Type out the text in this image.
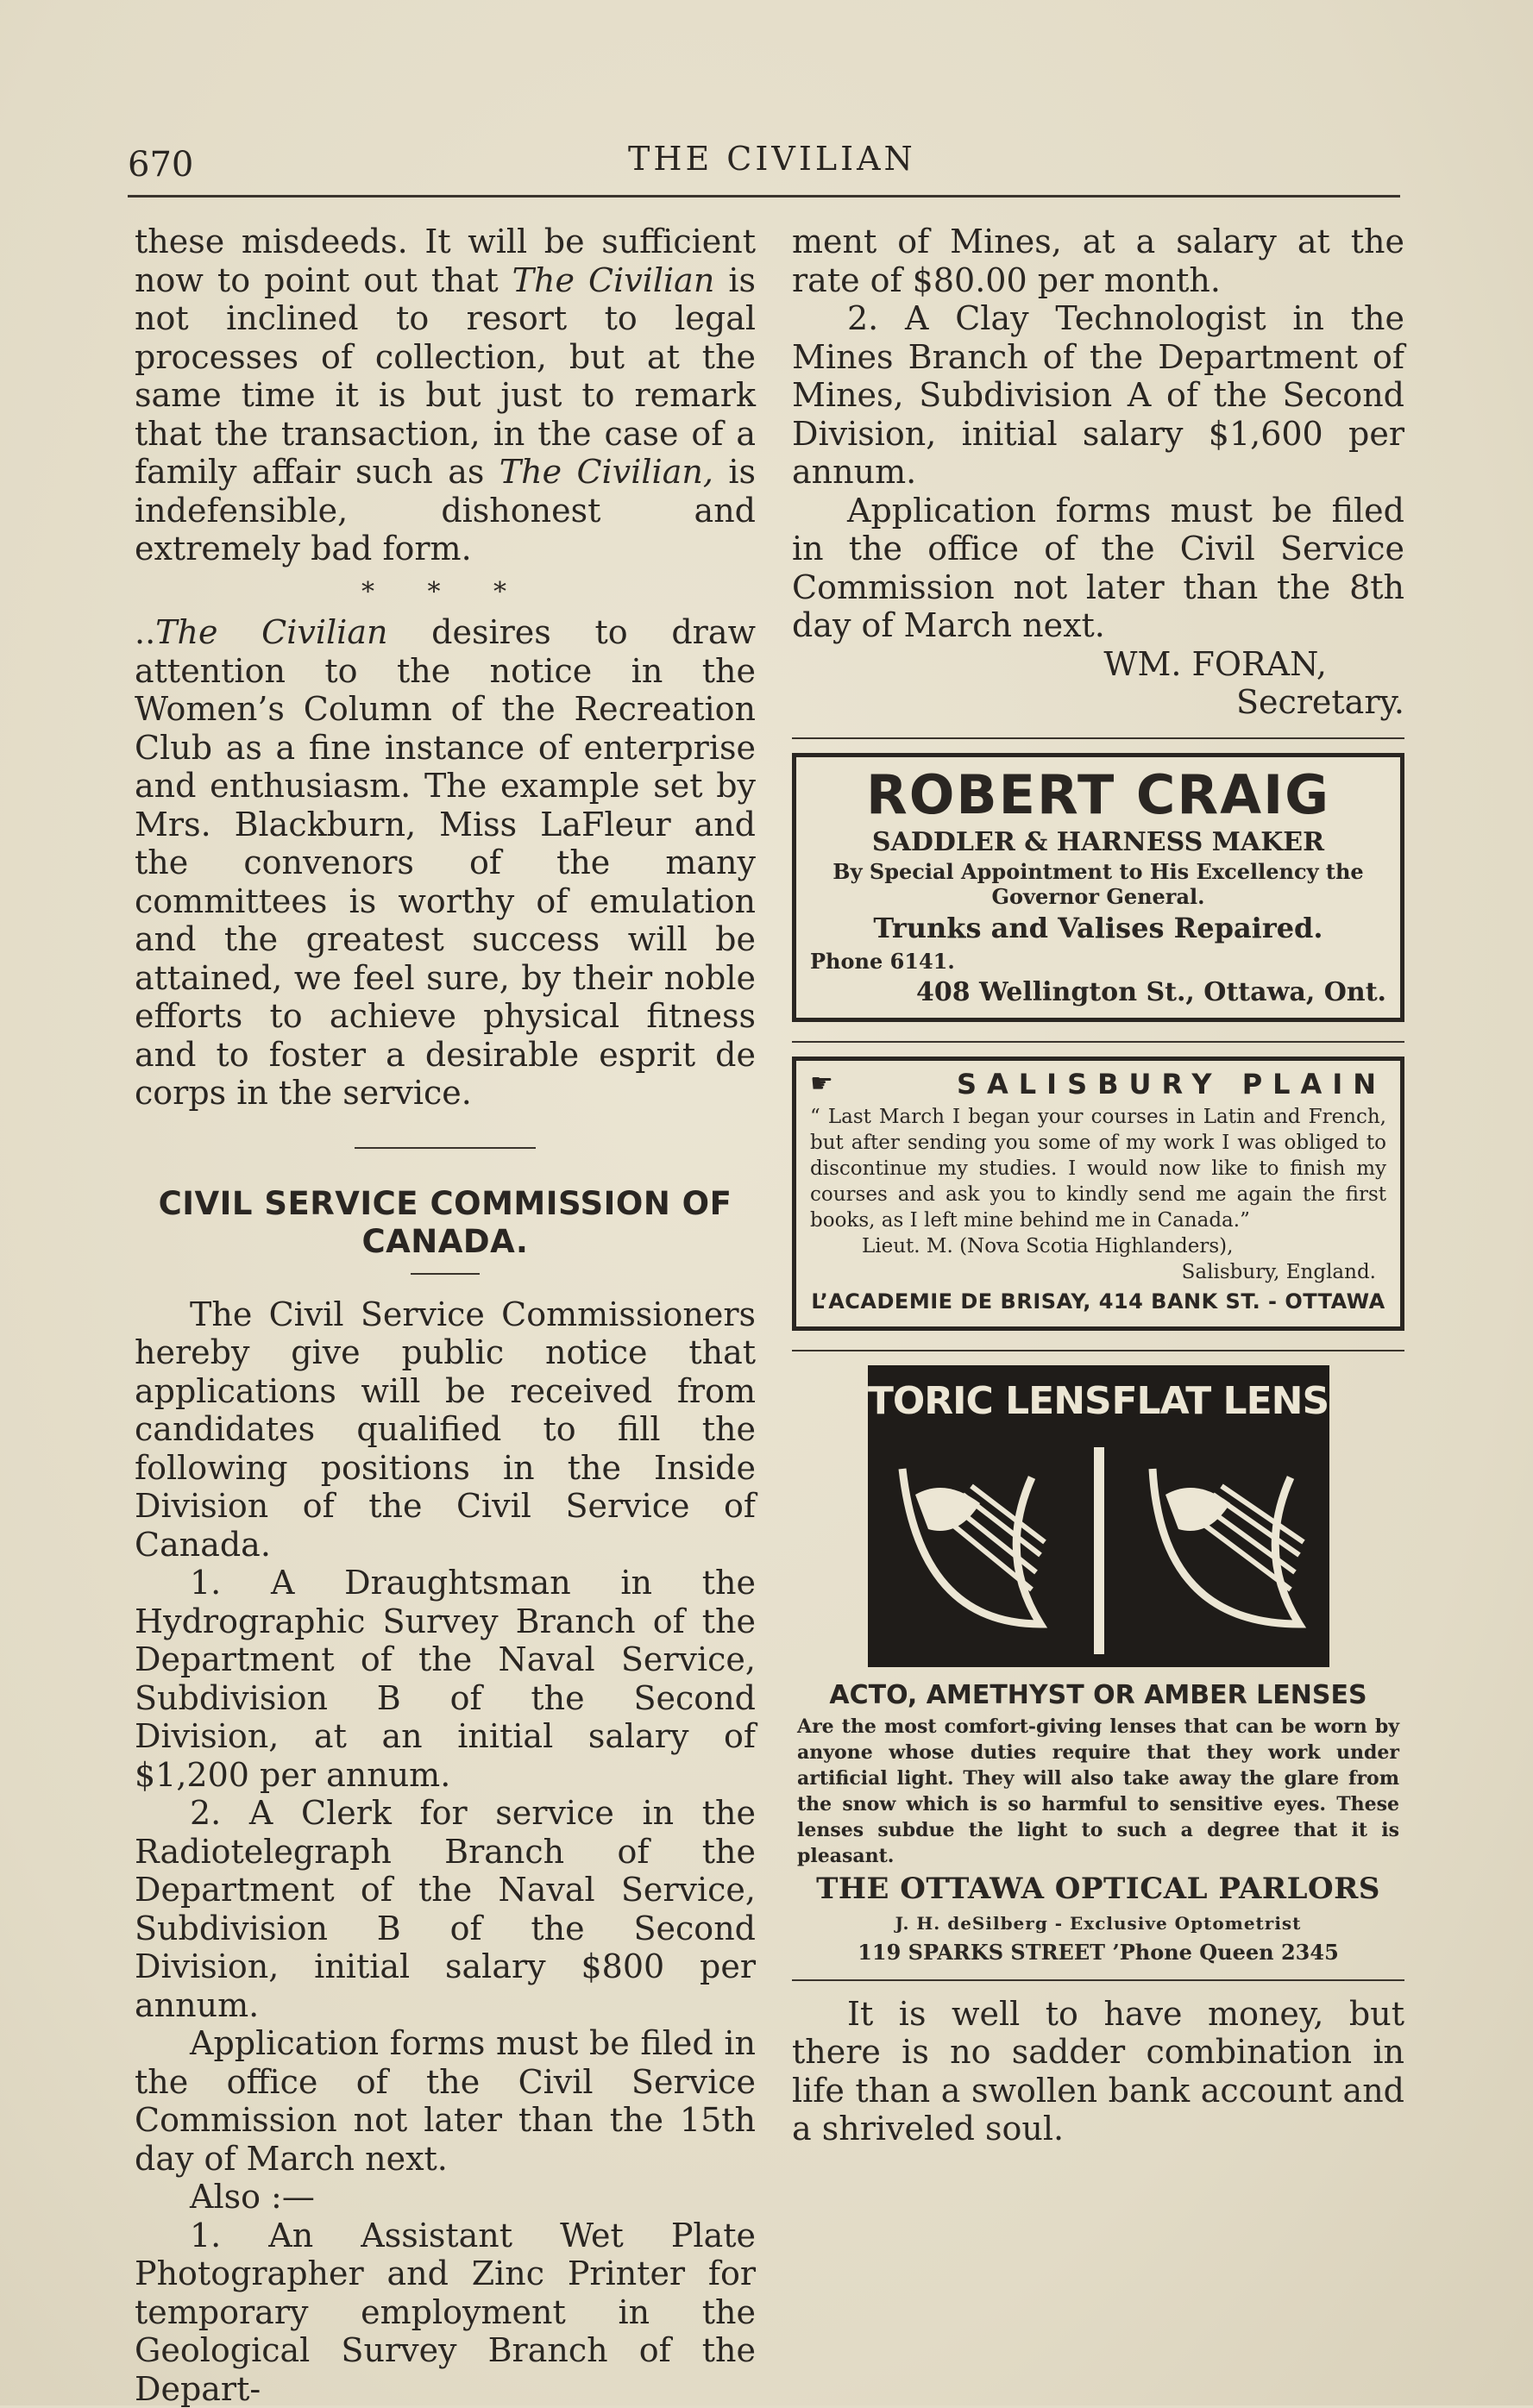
670	THE CIVILIAN

these misdeeds. It will be sufficient now to point out that The Civilian is not inclined to resort to legal processes of collection, but at the same time it is but just to remark that the transaction, in the case of a family affair such as The Civilian, is indefensible, dishonest and extremely bad form.

* * *

..The Civilian desires to draw attention to the notice in the Women’s Column of the Recreation Club as a fine instance of enterprise and enthusiasm. The example set by Mrs. Blackburn, Miss LaFleur and the convenors of the many committees is worthy of emulation and the greatest success will be attained, we feel sure, by their noble efforts to achieve physical fitness and to foster a desirable esprit de corps in the service.

CIVIL SERVICE COMMISSION OF CANADA.

The Civil Service Commissioners hereby give public notice that applications will be received from candidates qualified to fill the following positions in the Inside Division of the Civil Service of Canada.

1. A Draughtsman in the Hydrographic Survey Branch of the Department of the Naval Service, Subdivision B of the Second Division, at an initial salary of $1,200 per annum.

2. A Clerk for service in the Radiotelegraph Branch of the Department of the Naval Service, Subdivision B of the Second Division, initial salary $800 per annum.

Application forms must be filed in the office of the Civil Service Commission not later than the 15th day of March next.

Also :—

1. An Assistant Wet Plate Photographer and Zinc Printer for temporary employment in the Geological Survey Branch of the Depart-

ment of Mines, at a salary at the rate of $80.00 per month.

2. A Clay Technologist in the Mines Branch of the Department of Mines, Subdivision A of the Second Division, initial salary $1,600 per annum.

Application forms must be filed in the office of the Civil Service Commission not later than the 8th day of March next.

WM. FORAN,

Secretary.

ROBERT CRAIG
SADDLER & HARNESS MAKER
By Special Appointment to His Excellency the Governor General.
Trunks and Valises Repaired.
Phone 6141.
408 Wellington St., Ottawa, Ont.
☛	SALISBURY PLAIN
“ Last March I began your courses in Latin and French, but after sending you some of my work I was obliged to discontinue my studies. I would now like to finish my courses and ask you to kindly send me again the first books, as I left mine behind me in Canada.”
Lieut. M. (Nova Scotia Highlanders),
Salisbury, England.
L’ACADEMIE DE BRISAY, 414 BANK ST. - OTTAWA
TORIC LENS FLAT LENS
ACTO, AMETHYST OR AMBER LENSES
Are the most comfort-giving lenses that can be worn by anyone whose duties require that they work under artificial light. They will also take away the glare from the snow which is so harmful to sensitive eyes. These lenses subdue the light to such a degree that it is pleasant.
THE OTTAWA OPTICAL PARLORS
J. H. deSilberg - Exclusive Optometrist
119 SPARKS STREET ’Phone Queen 2345

It is well to have money, but there is no sadder combination in life than a swollen bank account and a shriveled soul.
